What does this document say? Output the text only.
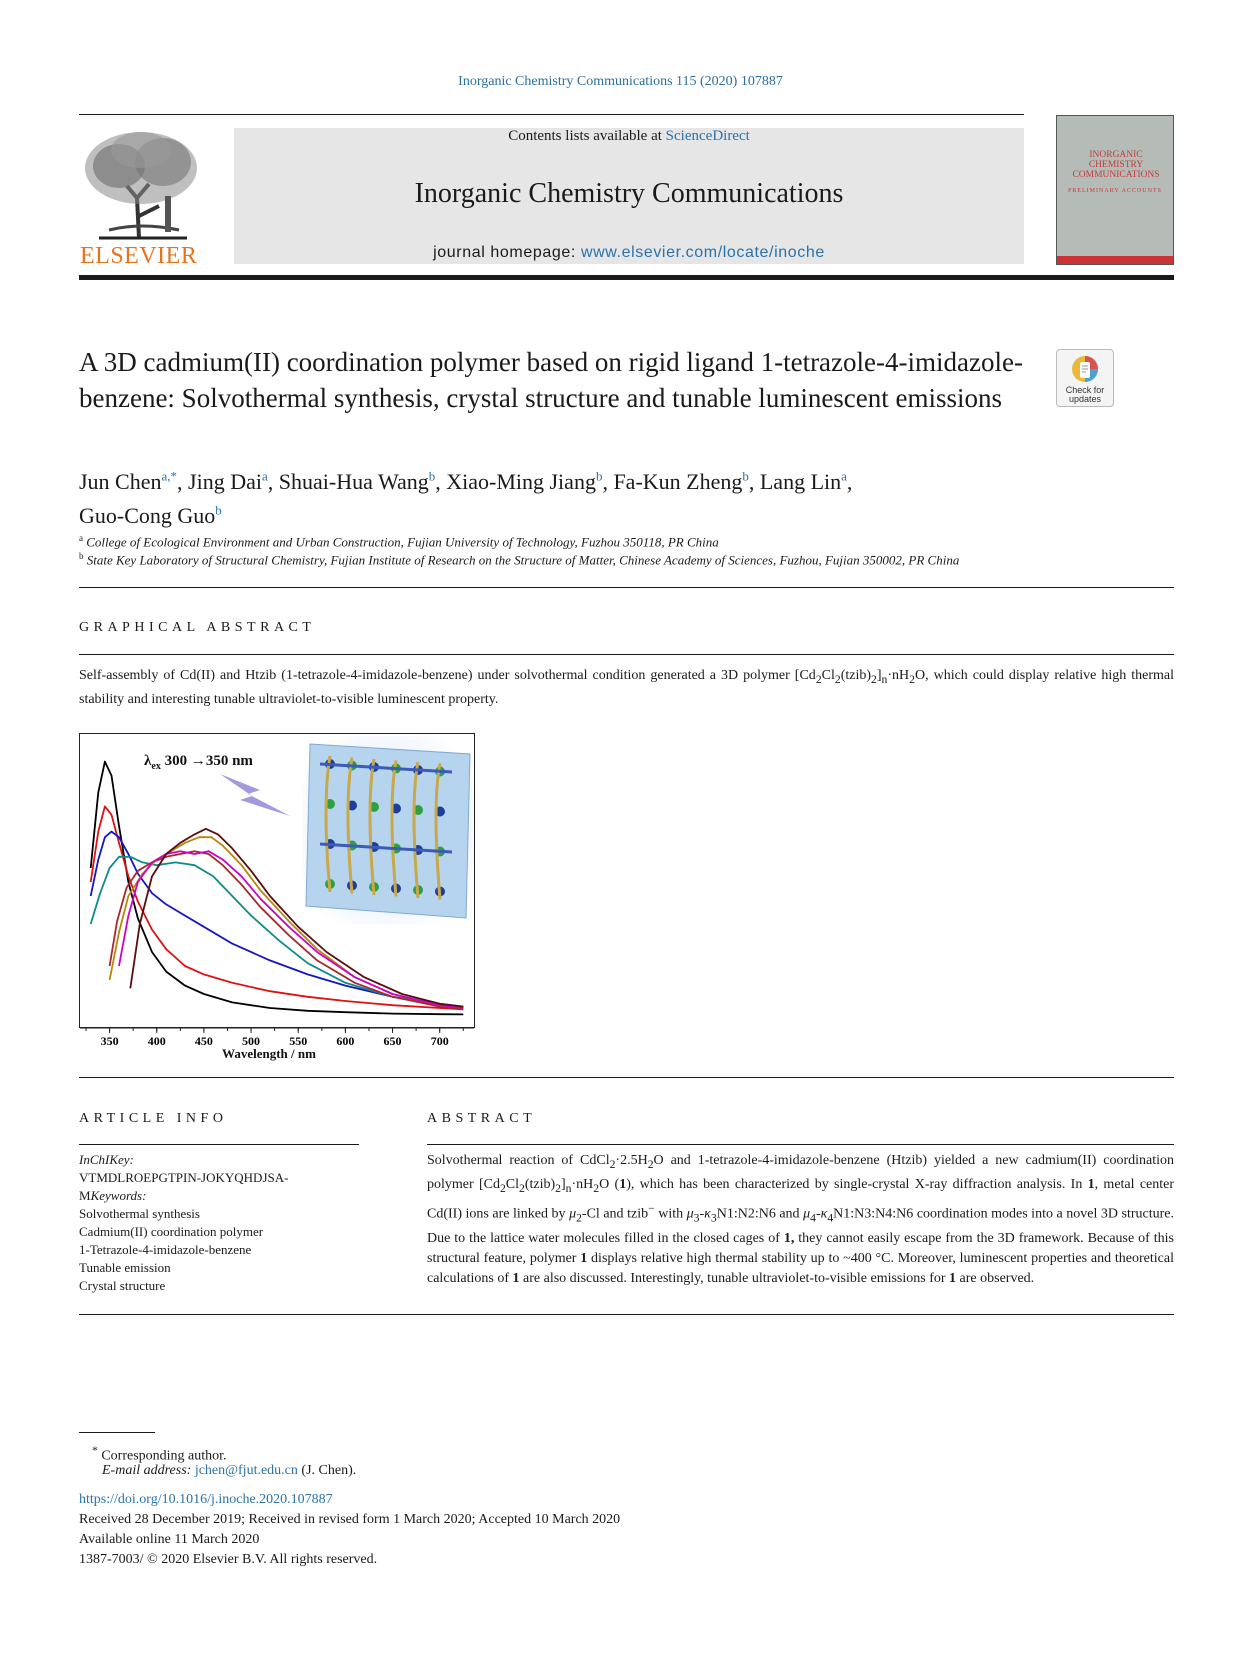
Inorganic Chemistry Communications 115 (2020) 107887
ELSEVIER
Contents lists available at ScienceDirect
Inorganic Chemistry Communications
journal homepage: www.elsevier.com/locate/inoche
INORGANIC CHEMISTRY COMMUNICATIONS
PRELIMINARY ACCOUNTS
A 3D cadmium(II) coordination polymer based on rigid ligand 1-tetrazole-4-imidazole-benzene: Solvothermal synthesis, crystal structure and tunable luminescent emissions	Check for updates
Jun Chen$^{a,*}$, Jing Dai$^a$, Shuai-Hua Wang$^b$, Xiao-Ming Jiang$^b$, Fa-Kun Zheng$^b$, Lang Lin$^a$,
Guo-Cong Guo$^b$
$^a$ College of Ecological Environment and Urban Construction, Fujian University of Technology, Fuzhou 350118, PR China
$^b$ State Key Laboratory of Structural Chemistry, Fujian Institute of Research on the Structure of Matter, Chinese Academy of Sciences, Fuzhou, Fujian 350002, PR China
GRAPHICAL ABSTRACT
Self-assembly of Cd(II) and Htzib (1-tetrazole-4-imidazole-benzene) under solvothermal condition generated a 3D polymer $[Cd_2Cl_2(tzib)_2]_n\cdot nH_2O$, which could display relative high thermal stability and interesting tunable ultraviolet-to-visible luminescent property.
$\lambda_{ex}$ 300 →350 nm
350 400 450 500 550 600 650 700
Wavelength / nm
ARTICLE INFO
InChIKey:
VTMDLROEPGTPIN-JOKYQHDJSA-
MKeywords:
Solvothermal synthesis
Cadmium(II) coordination polymer
1-Tetrazole-4-imidazole-benzene
Tunable emission
Crystal structure
ABSTRACT
Solvothermal reaction of $CdCl_2\cdot 2.5H_2O$ and 1-tetrazole-4-imidazole-benzene (Htzib) yielded a new cadmium(II) coordination polymer $[Cd_2Cl_2(tzib)_2]_n\cdot nH_2O$ (1), which has been characterized by single-crystal X-ray diffraction analysis. In 1, metal center Cd(II) ions are linked by $\mu_2-Cl$ and tzib− with $\mu_3-\kappa_3N1:N2:N6$ and $\mu_4-\kappa_4N1:N3:N4:N6$ coordination modes into a novel 3D structure. Due to the lattice water molecules filled in the closed cages of 1, they cannot easily escape from the 3D framework. Because of this structural feature, polymer 1 displays relative high thermal stability up to ~400 °C. Moreover, luminescent properties and theoretical calculations of 1 are also discussed. Interestingly, tunable ultraviolet-to-visible emissions for 1 are observed.
* Corresponding author.
E-mail address: jchen@fjut.edu.cn (J. Chen).
https://doi.org/10.1016/j.inoche.2020.107887
Received 28 December 2019; Received in revised form 1 March 2020; Accepted 10 March 2020
Available online 11 March 2020
1387-7003/ © 2020 Elsevier B.V. All rights reserved.
